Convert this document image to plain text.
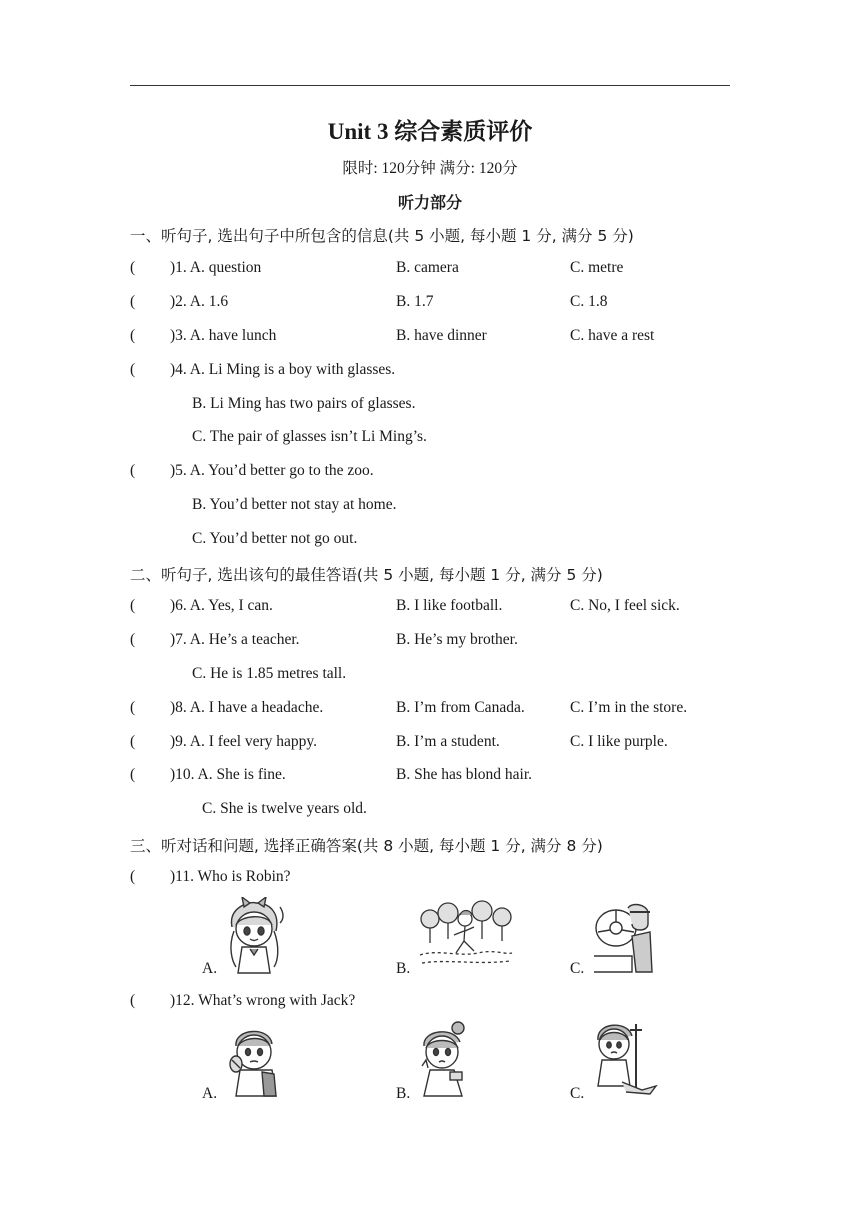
Unit 3 综合素质评价
限时: 120分钟 满分: 120分
听力部分
一、听句子, 选出句子中所包含的信息(共 5 小题, 每小题 1 分, 满分 5 分)
( )1. A. question	B. camera	C. metre
( )2. A. 1.6	B. 1.7	C. 1.8
( )3. A. have lunch	B. have dinner	C. have a rest
( )4. A. Li Ming is a boy with glasses.
B. Li Ming has two pairs of glasses.
C. The pair of glasses isn’t Li Ming’s.
( )5. A. You’d better go to the zoo.
B. You’d better not stay at home.
C. You’d better not go out.
二、听句子, 选出该句的最佳答语(共 5 小题, 每小题 1 分, 满分 5 分)
( )6. A. Yes, I can.	B. I like football.	C. No, I feel sick.
( )7. A. He’s a teacher.	B. He’s my brother.
C. He is 1.85 metres tall.
( )8. A. I have a headache.	B. I’m from Canada.	C. I’m in the store.
( )9. A. I feel very happy.	B. I’m a student.	C. I like purple.
( )10. A. She is fine.	B. She has blond hair.
C. She is twelve years old.
三、听对话和问题, 选择正确答案(共 8 小题, 每小题 1 分, 满分 8 分)
( )11. Who is Robin?
A.	B.	C.
( )12. What’s wrong with Jack?
A.	B.	C.
